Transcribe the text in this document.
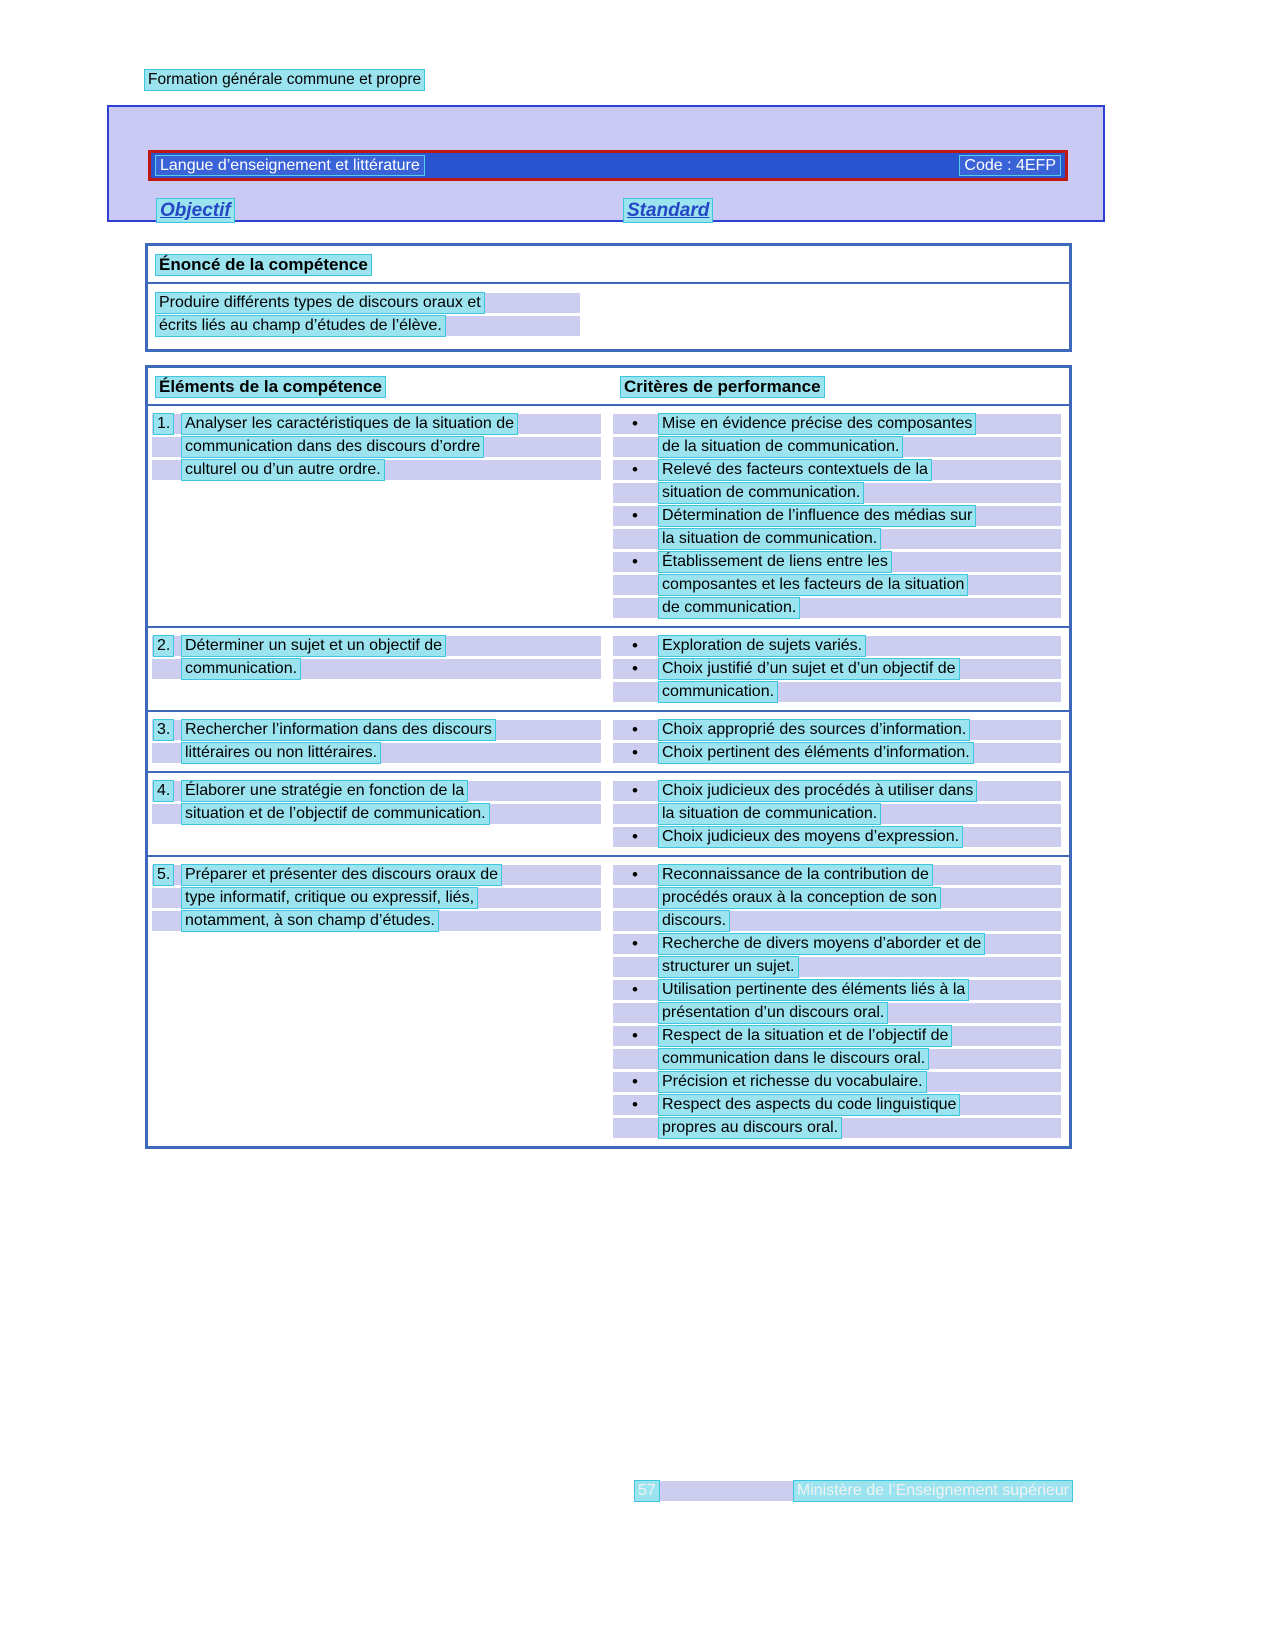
Formation générale commune et propre
Langue d’enseignement et littérature	Code : 4EFP
Objectif	Standard
Énoncé de la compétence
Produire différents types de discours oraux et
écrits liés au champ d’études de l’élève.
Éléments de la compétence	Critères de performance
1. Analyser les caractéristiques de la situation de
communication dans des discours d’ordre
culturel ou d’un autre ordre.
•	Mise en évidence précise des composantes
de la situation de communication.
•	Relevé des facteurs contextuels de la
situation de communication.
•	Détermination de l’influence des médias sur
la situation de communication.
•	Établissement de liens entre les
composantes et les facteurs de la situation
de communication.
2. Déterminer un sujet et un objectif de
communication.
•	Exploration de sujets variés.
•	Choix justifié d’un sujet et d’un objectif de
communication.
3. Rechercher l’information dans des discours
littéraires ou non littéraires.
•	Choix approprié des sources d’information.
•	Choix pertinent des éléments d’information.
4. Élaborer une stratégie en fonction de la
situation et de l’objectif de communication.
•	Choix judicieux des procédés à utiliser dans
la situation de communication.
•	Choix judicieux des moyens d’expression.
5. Préparer et présenter des discours oraux de
type informatif, critique ou expressif, liés,
notamment, à son champ d’études.
•	Reconnaissance de la contribution de
procédés oraux à la conception de son
discours.
•	Recherche de divers moyens d’aborder et de
structurer un sujet.
•	Utilisation pertinente des éléments liés à la
présentation d’un discours oral.
•	Respect de la situation et de l’objectif de
communication dans le discours oral.
•	Précision et richesse du vocabulaire.
•	Respect des aspects du code linguistique
propres au discours oral.
57	Ministère de l’Enseignement supérieur
